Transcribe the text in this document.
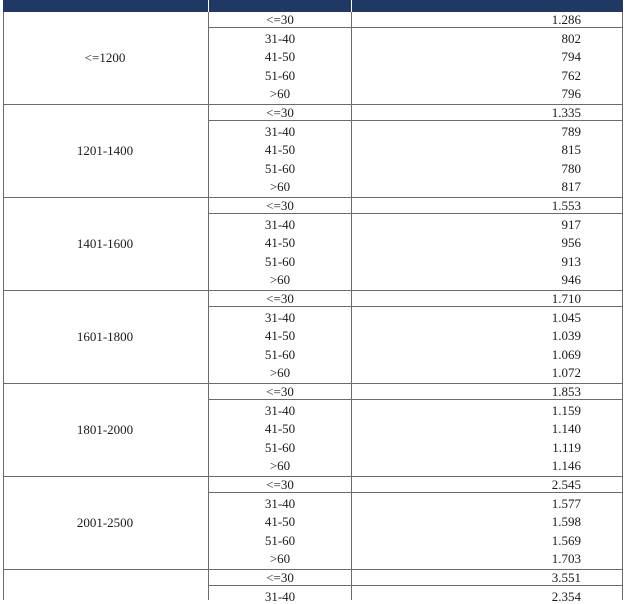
<=1200
<=30	1.286
31-40	802
41-50	794
51-60	762
>60	796
1201-1400
<=30	1.335
31-40	789
41-50	815
51-60	780
>60	817
1401-1600
<=30	1.553
31-40	917
41-50	956
51-60	913
>60	946
1601-1800
<=30	1.710
31-40	1.045
41-50	1.039
51-60	1.069
>60	1.072
1801-2000
<=30	1.853
31-40	1.159
41-50	1.140
51-60	1.119
>60	1.146
2001-2500
<=30	2.545
31-40	1.577
41-50	1.598
51-60	1.569
>60	1.703
<=30	3.551
31-40	2.354
